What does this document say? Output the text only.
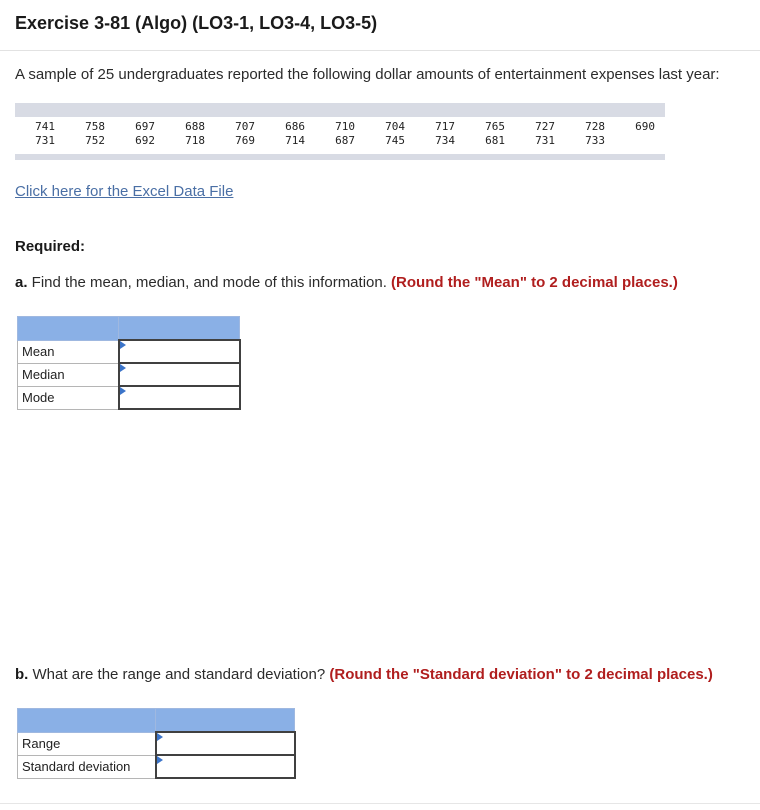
Exercise 3-81 (Algo) (LO3-1, LO3-4, LO3-5)
A sample of 25 undergraduates reported the following dollar amounts of entertainment expenses last year:
741	758	697	688	707	686	710	704	717	765	727	728	690
731	752	692	718	769	714	687	745	734	681	731	733
Click here for the Excel Data File
Required:
a. Find the mean, median, and mode of this information. (Round the "Mean" to 2 decimal places.)

Mean	

Median	

Mode	
b. What are the range and standard deviation? (Round the "Standard deviation" to 2 decimal places.)

Range	

Standard deviation	
